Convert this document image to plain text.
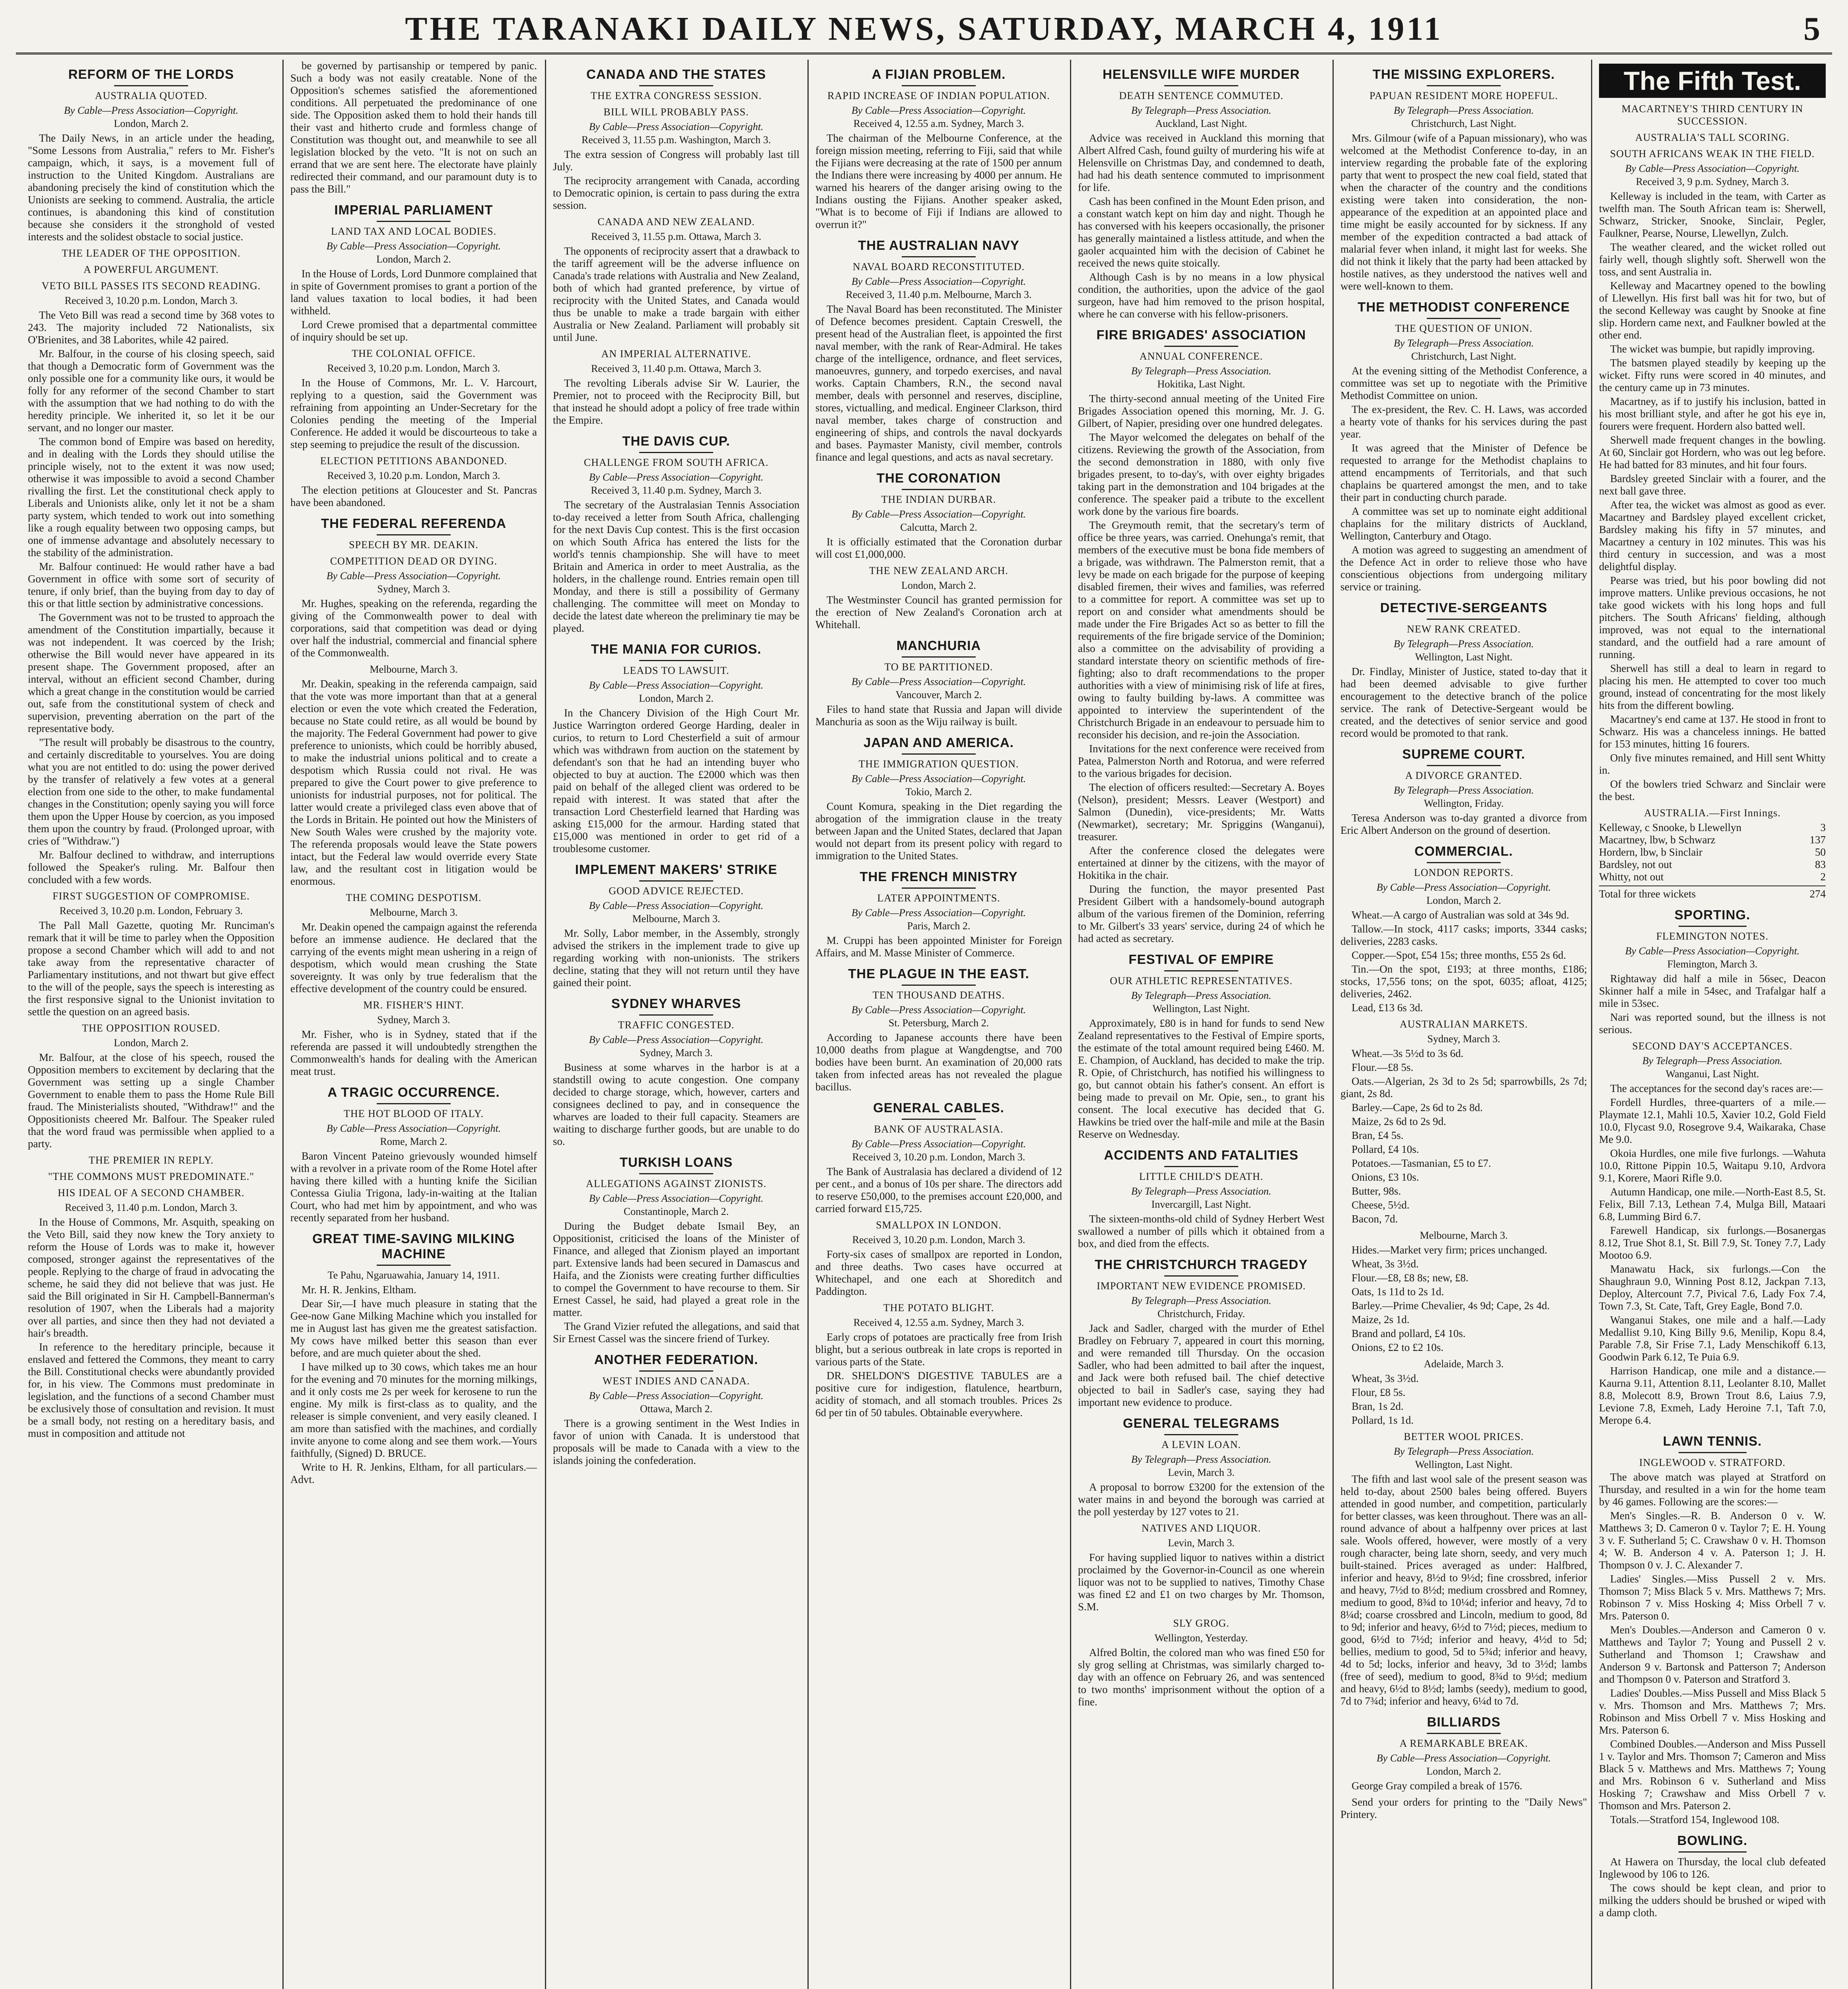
THE TARANAKI DAILY NEWS, SATURDAY, MARCH 4, 1911	5
REFORM OF THE LORDS
AUSTRALIA QUOTED.
By Cable—Press Association—Copyright.
London, March 2.
The Daily News, in an article under the heading, "Some Lessons from Australia," refers to Mr. Fisher's campaign, which, it says, is a movement full of instruction to the United Kingdom. Australians are abandoning precisely the kind of constitution which the Unionists are seeking to commend. Australia, the article continues, is abandoning this kind of constitution because she considers it the stronghold of vested interests and the solidest obstacle to social justice.
THE LEADER OF THE OPPOSITION.
A POWERFUL ARGUMENT.
VETO BILL PASSES ITS SECOND READING.
Received 3, 10.20 p.m. London, March 3.
The Veto Bill was read a second time by 368 votes to 243. The majority included 72 Nationalists, six O'Brienites, and 38 Laborites, while 42 paired.
Mr. Balfour, in the course of his closing speech, said that though a Democratic form of Government was the only possible one for a community like ours, it would be folly for any reformer of the second Chamber to start with the assumption that we had nothing to do with the heredity principle. We inherited it, so let it be our servant, and no longer our master.
The common bond of Empire was based on heredity, and in dealing with the Lords they should utilise the principle wisely, not to the extent it was now used; otherwise it was impossible to avoid a second Chamber rivalling the first. Let the constitutional check apply to Liberals and Unionists alike, only let it not be a sham party system, which tended to work out into something like a rough equality between two opposing camps, but one of immense advantage and absolutely necessary to the stability of the administration.
Mr. Balfour continued: He would rather have a bad Government in office with some sort of security of tenure, if only brief, than the buying from day to day of this or that little section by administrative concessions.
The Government was not to be trusted to approach the amendment of the Constitution impartially, because it was not independent. It was coerced by the Irish; otherwise the Bill would never have appeared in its present shape. The Government proposed, after an interval, without an efficient second Chamber, during which a great change in the constitution would be carried out, safe from the constitutional system of check and supervision, preventing aberration on the part of the representative body.
"The result will probably be disastrous to the country, and certainly discreditable to yourselves. You are doing what you are not entitled to do: using the power derived by the transfer of relatively a few votes at a general election from one side to the other, to make fundamental changes in the Constitution; openly saying you will force them upon the Upper House by coercion, as you imposed them upon the country by fraud. (Prolonged uproar, with cries of "Withdraw.")
Mr. Balfour declined to withdraw, and interruptions followed the Speaker's ruling. Mr. Balfour then concluded with a few words.
FIRST SUGGESTION OF COMPROMISE.
Received 3, 10.20 p.m. London, February 3.
The Pall Mall Gazette, quoting Mr. Runciman's remark that it will be time to parley when the Opposition propose a second Chamber which will add to and not take away from the representative character of Parliamentary institutions, and not thwart but give effect to the will of the people, says the speech is interesting as the first responsive signal to the Unionist invitation to settle the question on an agreed basis.
THE OPPOSITION ROUSED.
London, March 2.
Mr. Balfour, at the close of his speech, roused the Opposition members to excitement by declaring that the Government was setting up a single Chamber Government to enable them to pass the Home Rule Bill fraud. The Ministerialists shouted, "Withdraw!" and the Oppositionists cheered Mr. Balfour. The Speaker ruled that the word fraud was permissible when applied to a party.
THE PREMIER IN REPLY.
"THE COMMONS MUST PREDOMINATE."
HIS IDEAL OF A SECOND CHAMBER.
Received 3, 11.40 p.m. London, March 3.
In the House of Commons, Mr. Asquith, speaking on the Veto Bill, said they now knew the Tory anxiety to reform the House of Lords was to make it, however composed, stronger against the representatives of the people. Replying to the charge of fraud in advocating the scheme, he said they did not believe that was just. He said the Bill originated in Sir H. Campbell-Bannerman's resolution of 1907, when the Liberals had a majority over all parties, and since then they had not deviated a hair's breadth.
In reference to the hereditary principle, because it enslaved and fettered the Commons, they meant to carry the Bill. Constitutional checks were abundantly provided for, in his view. The Commons must predominate in legislation, and the functions of a second Chamber must be exclusively those of consultation and revision. It must be a small body, not resting on a hereditary basis, and must in composition and attitude not
be governed by partisanship or tempered by panic. Such a body was not easily creatable. None of the Opposition's schemes satisfied the aforementioned conditions. All perpetuated the predominance of one side. The Opposition asked them to hold their hands till their vast and hitherto crude and formless change of Constitution was thought out, and meanwhile to see all legislation blocked by the veto. "It is not on such an errand that we are sent here. The electorate have plainly redirected their command, and our paramount duty is to pass the Bill."
IMPERIAL PARLIAMENT
LAND TAX AND LOCAL BODIES.
By Cable—Press Association—Copyright.
London, March 2.
In the House of Lords, Lord Dunmore complained that in spite of Government promises to grant a portion of the land values taxation to local bodies, it had been withheld.
Lord Crewe promised that a departmental committee of inquiry should be set up.
THE COLONIAL OFFICE.
Received 3, 10.20 p.m. London, March 3.
In the House of Commons, Mr. L. V. Harcourt, replying to a question, said the Government was refraining from appointing an Under-Secretary for the Colonies pending the meeting of the Imperial Conference. He added it would be discourteous to take a step seeming to prejudice the result of the discussion.
ELECTION PETITIONS ABANDONED.
Received 3, 10.20 p.m. London, March 3.
The election petitions at Gloucester and St. Pancras have been abandoned.
THE FEDERAL REFERENDA
SPEECH BY MR. DEAKIN.
COMPETITION DEAD OR DYING.
By Cable—Press Association—Copyright.
Sydney, March 3.
Mr. Hughes, speaking on the referenda, regarding the giving of the Commonwealth power to deal with corporations, said that competition was dead or dying over half the industrial, commercial and financial sphere of the Commonwealth.
Melbourne, March 3.
Mr. Deakin, speaking in the referenda campaign, said that the vote was more important than that at a general election or even the vote which created the Federation, because no State could retire, as all would be bound by the majority. The Federal Government had power to give preference to unionists, which could be horribly abused, to make the industrial unions political and to create a despotism which Russia could not rival. He was prepared to give the Court power to give preference to unionists for industrial purposes, not for political. The latter would create a privileged class even above that of the Lords in Britain. He pointed out how the Ministers of New South Wales were crushed by the majority vote. The referenda proposals would leave the State powers intact, but the Federal law would override every State law, and the resultant cost in litigation would be enormous.
THE COMING DESPOTISM.
Melbourne, March 3.
Mr. Deakin opened the campaign against the referenda before an immense audience. He declared that the carrying of the events might mean ushering in a reign of despotism, which would mean crushing the State sovereignty. It was only by true federalism that the effective development of the country could be ensured.
MR. FISHER'S HINT.
Sydney, March 3.
Mr. Fisher, who is in Sydney, stated that if the referenda are passed it will undoubtedly strengthen the Commonwealth's hands for dealing with the American meat trust.
A TRAGIC OCCURRENCE.
THE HOT BLOOD OF ITALY.
By Cable—Press Association—Copyright.
Rome, March 2.
Baron Vincent Pateino grievously wounded himself with a revolver in a private room of the Rome Hotel after having there killed with a hunting knife the Sicilian Contessa Giulia Trigona, lady-in-waiting at the Italian Court, who had met him by appointment, and who was recently separated from her husband.
GREAT TIME-SAVING MILKING MACHINE
Te Pahu, Ngaruawahia, January 14, 1911.
Mr. H. R. Jenkins, Eltham.
Dear Sir,—I have much pleasure in stating that the Gee-now Gane Milking Machine which you installed for me in August last has given me the greatest satisfaction. My cows have milked better this season than ever before, and are much quieter about the shed.
I have milked up to 30 cows, which takes me an hour for the evening and 70 minutes for the morning milkings, and it only costs me 2s per week for kerosene to run the engine. My milk is first-class as to quality, and the releaser is simple convenient, and very easily cleaned. I am more than satisfied with the machines, and cordially invite anyone to come along and see them work.—Yours faithfully, (Signed) D. BRUCE.
Write to H. R. Jenkins, Eltham, for all particulars.—Advt.
CANADA AND THE STATES
THE EXTRA CONGRESS SESSION.
BILL WILL PROBABLY PASS.
By Cable—Press Association—Copyright.
Received 3, 11.55 p.m. Washington, March 3.
The extra session of Congress will probably last till July.
The reciprocity arrangement with Canada, according to Democratic opinion, is certain to pass during the extra session.
CANADA AND NEW ZEALAND.
Received 3, 11.55 p.m. Ottawa, March 3.
The opponents of reciprocity assert that a drawback to the tariff agreement will be the adverse influence on Canada's trade relations with Australia and New Zealand, both of which had granted preference, by virtue of reciprocity with the United States, and Canada would thus be unable to make a trade bargain with either Australia or New Zealand. Parliament will probably sit until June.
AN IMPERIAL ALTERNATIVE.
Received 3, 11.40 p.m. Ottawa, March 3.
The revolting Liberals advise Sir W. Laurier, the Premier, not to proceed with the Reciprocity Bill, but that instead he should adopt a policy of free trade within the Empire.
THE DAVIS CUP.
CHALLENGE FROM SOUTH AFRICA.
By Cable—Press Association—Copyright.
Received 3, 11.40 p.m. Sydney, March 3.
The secretary of the Australasian Tennis Association to-day received a letter from South Africa, challenging for the next Davis Cup contest. This is the first occasion on which South Africa has entered the lists for the world's tennis championship. She will have to meet Britain and America in order to meet Australia, as the holders, in the challenge round. Entries remain open till Monday, and there is still a possibility of Germany challenging. The committee will meet on Monday to decide the latest date whereon the preliminary tie may be played.
THE MANIA FOR CURIOS.
LEADS TO LAWSUIT.
By Cable—Press Association—Copyright.
London, March 2.
In the Chancery Division of the High Court Mr. Justice Warrington ordered George Harding, dealer in curios, to return to Lord Chesterfield a suit of armour which was withdrawn from auction on the statement by defendant's son that he had an intending buyer who objected to buy at auction. The £2000 which was then paid on behalf of the alleged client was ordered to be repaid with interest. It was stated that after the transaction Lord Chesterfield learned that Harding was asking £15,000 for the armour. Harding stated that £15,000 was mentioned in order to get rid of a troublesome customer.
IMPLEMENT MAKERS' STRIKE
GOOD ADVICE REJECTED.
By Cable—Press Association—Copyright.
Melbourne, March 3.
Mr. Solly, Labor member, in the Assembly, strongly advised the strikers in the implement trade to give up regarding working with non-unionists. The strikers decline, stating that they will not return until they have gained their point.
SYDNEY WHARVES
TRAFFIC CONGESTED.
By Cable—Press Association—Copyright.
Sydney, March 3.
Business at some wharves in the harbor is at a standstill owing to acute congestion. One company decided to charge storage, which, however, carters and consignees declined to pay, and in consequence the wharves are loaded to their full capacity. Steamers are waiting to discharge further goods, but are unable to do so.
TURKISH LOANS
ALLEGATIONS AGAINST ZIONISTS.
By Cable—Press Association—Copyright.
Constantinople, March 2.
During the Budget debate Ismail Bey, an Oppositionist, criticised the loans of the Minister of Finance, and alleged that Zionism played an important part. Extensive lands had been secured in Damascus and Haifa, and the Zionists were creating further difficulties to compel the Government to have recourse to them. Sir Ernest Cassel, he said, had played a great role in the matter.
The Grand Vizier refuted the allegations, and said that Sir Ernest Cassel was the sincere friend of Turkey.
ANOTHER FEDERATION.
WEST INDIES AND CANADA.
By Cable—Press Association—Copyright.
Ottawa, March 2.
There is a growing sentiment in the West Indies in favor of union with Canada. It is understood that proposals will be made to Canada with a view to the islands joining the confederation.
A FIJIAN PROBLEM.
RAPID INCREASE OF INDIAN POPULATION.
By Cable—Press Association—Copyright.
Received 4, 12.55 a.m. Sydney, March 3.
The chairman of the Melbourne Conference, at the foreign mission meeting, referring to Fiji, said that while the Fijians were decreasing at the rate of 1500 per annum the Indians there were increasing by 4000 per annum. He warned his hearers of the danger arising owing to the Indians ousting the Fijians. Another speaker asked, "What is to become of Fiji if Indians are allowed to overrun it?"
THE AUSTRALIAN NAVY
NAVAL BOARD RECONSTITUTED.
By Cable—Press Association—Copyright.
Received 3, 11.40 p.m. Melbourne, March 3.
The Naval Board has been reconstituted. The Minister of Defence becomes president. Captain Creswell, the present head of the Australian fleet, is appointed the first naval member, with the rank of Rear-Admiral. He takes charge of the intelligence, ordnance, and fleet services, manoeuvres, gunnery, and torpedo exercises, and naval works. Captain Chambers, R.N., the second naval member, deals with personnel and reserves, discipline, stores, victualling, and medical. Engineer Clarkson, third naval member, takes charge of construction and engineering of ships, and controls the naval dockyards and bases. Paymaster Manisty, civil member, controls finance and legal questions, and acts as naval secretary.
THE CORONATION
THE INDIAN DURBAR.
By Cable—Press Association—Copyright.
Calcutta, March 2.
It is officially estimated that the Coronation durbar will cost £1,000,000.
THE NEW ZEALAND ARCH.
London, March 2.
The Westminster Council has granted permission for the erection of New Zealand's Coronation arch at Whitehall.
MANCHURIA
TO BE PARTITIONED.
By Cable—Press Association—Copyright.
Vancouver, March 2.
Files to hand state that Russia and Japan will divide Manchuria as soon as the Wiju railway is built.
JAPAN AND AMERICA.
THE IMMIGRATION QUESTION.
By Cable—Press Association—Copyright.
Tokio, March 2.
Count Komura, speaking in the Diet regarding the abrogation of the immigration clause in the treaty between Japan and the United States, declared that Japan would not depart from its present policy with regard to immigration to the United States.
THE FRENCH MINISTRY
LATER APPOINTMENTS.
By Cable—Press Association—Copyright.
Paris, March 2.
M. Cruppi has been appointed Minister for Foreign Affairs, and M. Masse Minister of Commerce.
THE PLAGUE IN THE EAST.
TEN THOUSAND DEATHS.
By Cable—Press Association—Copyright.
St. Petersburg, March 2.
According to Japanese accounts there have been 10,000 deaths from plague at Wangdengtse, and 700 bodies have been burnt. An examination of 20,000 rats taken from infected areas has not revealed the plague bacillus.
GENERAL CABLES.
BANK OF AUSTRALASIA.
By Cable—Press Association—Copyright.
Received 3, 10.20 p.m. London, March 3.
The Bank of Australasia has declared a dividend of 12 per cent., and a bonus of 10s per share. The directors add to reserve £50,000, to the premises account £20,000, and carried forward £15,725.
SMALLPOX IN LONDON.
Received 3, 10.20 p.m. London, March 3.
Forty-six cases of smallpox are reported in London, and three deaths. Two cases have occurred at Whitechapel, and one each at Shoreditch and Paddington.
THE POTATO BLIGHT.
Received 4, 12.55 a.m. Sydney, March 3.
Early crops of potatoes are practically free from Irish blight, but a serious outbreak in late crops is reported in various parts of the State.
DR. SHELDON'S DIGESTIVE TABULES are a positive cure for indigestion, flatulence, heartburn, acidity of stomach, and all stomach troubles. Prices 2s 6d per tin of 50 tabules. Obtainable everywhere.
HELENSVILLE WIFE MURDER
DEATH SENTENCE COMMUTED.
By Telegraph—Press Association.
Auckland, Last Night.
Advice was received in Auckland this morning that Albert Alfred Cash, found guilty of murdering his wife at Helensville on Christmas Day, and condemned to death, had had his death sentence commuted to imprisonment for life.
Cash has been confined in the Mount Eden prison, and a constant watch kept on him day and night. Though he has conversed with his keepers occasionally, the prisoner has generally maintained a listless attitude, and when the gaoler acquainted him with the decision of Cabinet he received the news quite stoically.
Although Cash is by no means in a low physical condition, the authorities, upon the advice of the gaol surgeon, have had him removed to the prison hospital, where he can converse with his fellow-prisoners.
FIRE BRIGADES' ASSOCIATION
ANNUAL CONFERENCE.
By Telegraph—Press Association.
Hokitika, Last Night.
The thirty-second annual meeting of the United Fire Brigades Association opened this morning, Mr. J. G. Gilbert, of Napier, presiding over one hundred delegates.
The Mayor welcomed the delegates on behalf of the citizens. Reviewing the growth of the Association, from the second demonstration in 1880, with only five brigades present, to to-day's, with over eighty brigades taking part in the demonstration and 104 brigades at the conference. The speaker paid a tribute to the excellent work done by the various fire boards.
The Greymouth remit, that the secretary's term of office be three years, was carried. Onehunga's remit, that members of the executive must be bona fide members of a brigade, was withdrawn. The Palmerston remit, that a levy be made on each brigade for the purpose of keeping disabled firemen, their wives and families, was referred to a committee for report. A committee was set up to report on and consider what amendments should be made under the Fire Brigades Act so as better to fill the requirements of the fire brigade service of the Dominion; also a committee on the advisability of providing a standard interstate theory on scientific methods of fire-fighting; also to draft recommendations to the proper authorities with a view of minimising risk of life at fires, owing to faulty building by-laws. A committee was appointed to interview the superintendent of the Christchurch Brigade in an endeavour to persuade him to reconsider his decision, and re-join the Association.
Invitations for the next conference were received from Patea, Palmerston North and Rotorua, and were referred to the various brigades for decision.
The election of officers resulted:—Secretary A. Boyes (Nelson), president; Messrs. Leaver (Westport) and Salmon (Dunedin), vice-presidents; Mr. Watts (Newmarket), secretary; Mr. Spriggins (Wanganui), treasurer.
After the conference closed the delegates were entertained at dinner by the citizens, with the mayor of Hokitika in the chair.
During the function, the mayor presented Past President Gilbert with a handsomely-bound autograph album of the various firemen of the Dominion, referring to Mr. Gilbert's 33 years' service, during 24 of which he had acted as secretary.
FESTIVAL OF EMPIRE
OUR ATHLETIC REPRESENTATIVES.
By Telegraph—Press Association.
Wellington, Last Night.
Approximately, £80 is in hand for funds to send New Zealand representatives to the Festival of Empire sports, the estimate of the total amount required being £460. M. E. Champion, of Auckland, has decided to make the trip. R. Opie, of Christchurch, has notified his willingness to go, but cannot obtain his father's consent. An effort is being made to prevail on Mr. Opie, sen., to grant his consent. The local executive has decided that G. Hawkins be tried over the half-mile and mile at the Basin Reserve on Wednesday.
ACCIDENTS AND FATALITIES
LITTLE CHILD'S DEATH.
By Telegraph—Press Association.
Invercargill, Last Night.
The sixteen-months-old child of Sydney Herbert West swallowed a number of pills which it obtained from a box, and died from the effects.
THE CHRISTCHURCH TRAGEDY
IMPORTANT NEW EVIDENCE PROMISED.
By Telegraph—Press Association.
Christchurch, Friday.
Jack and Sadler, charged with the murder of Ethel Bradley on February 7, appeared in court this morning, and were remanded till Thursday. On the occasion Sadler, who had been admitted to bail after the inquest, and Jack were both refused bail. The chief detective objected to bail in Sadler's case, saying they had important new evidence to produce.
GENERAL TELEGRAMS
A LEVIN LOAN.
By Telegraph—Press Association.
Levin, March 3.
A proposal to borrow £3200 for the extension of the water mains in and beyond the borough was carried at the poll yesterday by 127 votes to 21.
NATIVES AND LIQUOR.
Levin, March 3.
For having supplied liquor to natives within a district proclaimed by the Governor-in-Council as one wherein liquor was not to be supplied to natives, Timothy Chase was fined £2 and £1 on two charges by Mr. Thomson, S.M.
SLY GROG.
Wellington, Yesterday.
Alfred Boltin, the colored man who was fined £50 for sly grog selling at Christmas, was similarly charged to-day with an offence on February 26, and was sentenced to two months' imprisonment without the option of a fine.
THE MISSING EXPLORERS.
PAPUAN RESIDENT MORE HOPEFUL.
By Telegraph—Press Association.
Christchurch, Last Night.
Mrs. Gilmour (wife of a Papuan missionary), who was welcomed at the Methodist Conference to-day, in an interview regarding the probable fate of the exploring party that went to prospect the new coal field, stated that when the character of the country and the conditions existing were taken into consideration, the non-appearance of the expedition at an appointed place and time might be easily accounted for by sickness. If any member of the expedition contracted a bad attack of malarial fever when inland, it might last for weeks. She did not think it likely that the party had been attacked by hostile natives, as they understood the natives well and were well-known to them.
THE METHODIST CONFERENCE
THE QUESTION OF UNION.
By Telegraph—Press Association.
Christchurch, Last Night.
At the evening sitting of the Methodist Conference, a committee was set up to negotiate with the Primitive Methodist Committee on union.
The ex-president, the Rev. C. H. Laws, was accorded a hearty vote of thanks for his services during the past year.
It was agreed that the Minister of Defence be requested to arrange for the Methodist chaplains to attend encampments of Territorials, and that such chaplains be quartered amongst the men, and to take their part in conducting church parade.
A committee was set up to nominate eight additional chaplains for the military districts of Auckland, Wellington, Canterbury and Otago.
A motion was agreed to suggesting an amendment of the Defence Act in order to relieve those who have conscientious objections from undergoing military service or training.
DETECTIVE-SERGEANTS
NEW RANK CREATED.
By Telegraph—Press Association.
Wellington, Last Night.
Dr. Findlay, Minister of Justice, stated to-day that it had been deemed advisable to give further encouragement to the detective branch of the police service. The rank of Detective-Sergeant would be created, and the detectives of senior service and good record would be promoted to that rank.
SUPREME COURT.
A DIVORCE GRANTED.
By Telegraph—Press Association.
Wellington, Friday.
Teresa Anderson was to-day granted a divorce from Eric Albert Anderson on the ground of desertion.
COMMERCIAL.
LONDON REPORTS.
By Cable—Press Association—Copyright.
London, March 2.
Wheat.—A cargo of Australian was sold at 34s 9d.
Tallow.—In stock, 4117 casks; imports, 3344 casks; deliveries, 2283 casks.
Copper.—Spot, £54 15s; three months, £55 2s 6d.
Tin.—On the spot, £193; at three months, £186; stocks, 17,556 tons; on the spot, 6035; afloat, 4125; deliveries, 2462.
Lead, £13 6s 3d.
AUSTRALIAN MARKETS.
Sydney, March 3.
Wheat.—3s 5½d to 3s 6d.
Flour.—£8 5s.
Oats.—Algerian, 2s 3d to 2s 5d; sparrowbills, 2s 7d; giant, 2s 8d.
Barley.—Cape, 2s 6d to 2s 8d.
Maize, 2s 6d to 2s 9d.
Bran, £4 5s.
Pollard, £4 10s.
Potatoes.—Tasmanian, £5 to £7.
Onions, £3 10s.
Butter, 98s.
Cheese, 5½d.
Bacon, 7d.
Melbourne, March 3.
Hides.—Market very firm; prices unchanged.
Wheat, 3s 3½d.
Flour.—£8, £8 8s; new, £8.
Oats, 1s 11d to 2s 1d.
Barley.—Prime Chevalier, 4s 9d; Cape, 2s 4d.
Maize, 2s 1d.
Brand and pollard, £4 10s.
Onions, £2 to £2 10s.
Adelaide, March 3.
Wheat, 3s 3½d.
Flour, £8 5s.
Bran, 1s 2d.
Pollard, 1s 1d.
BETTER WOOL PRICES.
By Telegraph—Press Association.
Wellington, Last Night.
The fifth and last wool sale of the present season was held to-day, about 2500 bales being offered. Buyers attended in good number, and competition, particularly for better classes, was keen throughout. There was an all-round advance of about a halfpenny over prices at last sale. Wools offered, however, were mostly of a very rough character, being late shorn, seedy, and very much built-stained. Prices averaged as under: Halfbred, inferior and heavy, 8½d to 9½d; fine crossbred, inferior and heavy, 7½d to 8½d; medium crossbred and Romney, medium to good, 8¾d to 10¼d; inferior and heavy, 7d to 8¼d; coarse crossbred and Lincoln, medium to good, 8d to 9d; inferior and heavy, 6½d to 7½d; pieces, medium to good, 6½d to 7½d; inferior and heavy, 4½d to 5d; bellies, medium to good, 5d to 5¾d; inferior and heavy, 4d to 5d; locks, inferior and heavy, 3d to 3½d; lambs (free of seed), medium to good, 8¾d to 9½d; medium and heavy, 6½d to 8½d; lambs (seedy), medium to good, 7d to 7¾d; inferior and heavy, 6¼d to 7d.
BILLIARDS
A REMARKABLE BREAK.
By Cable—Press Association—Copyright.
London, March 2.
George Gray compiled a break of 1576.
Send your orders for printing to the "Daily News" Printery.
The Fifth Test.
MACARTNEY'S THIRD CENTURY IN SUCCESSION.
AUSTRALIA'S TALL SCORING.
SOUTH AFRICANS WEAK IN THE FIELD.
By Cable—Press Association—Copyright.
Received 3, 9 p.m. Sydney, March 3.
Kelleway is included in the team, with Carter as twelfth man. The South African team is: Sherwell, Schwarz, Stricker, Snooke, Sinclair, Pegler, Faulkner, Pearse, Nourse, Llewellyn, Zulch.
The weather cleared, and the wicket rolled out fairly well, though slightly soft. Sherwell won the toss, and sent Australia in.
Kelleway and Macartney opened to the bowling of Llewellyn. His first ball was hit for two, but of the second Kelleway was caught by Snooke at fine slip. Hordern came next, and Faulkner bowled at the other end.
The wicket was bumpie, but rapidly improving.
The batsmen played steadily by keeping up the wicket. Fifty runs were scored in 40 minutes, and the century came up in 73 minutes.
Macartney, as if to justify his inclusion, batted in his most brilliant style, and after he got his eye in, fourers were frequent. Hordern also batted well.
Sherwell made frequent changes in the bowling. At 60, Sinclair got Hordern, who was out leg before. He had batted for 83 minutes, and hit four fours.
Bardsley greeted Sinclair with a fourer, and the next ball gave three.
After tea, the wicket was almost as good as ever. Macartney and Bardsley played excellent cricket, Bardsley making his fifty in 57 minutes, and Macartney a century in 102 minutes. This was his third century in succession, and was a most delightful display.
Pearse was tried, but his poor bowling did not improve matters. Unlike previous occasions, he not take good wickets with his long hops and full pitchers. The South Africans' fielding, although improved, was not equal to the international standard, and the outfield had a rare amount of running.
Sherwell has still a deal to learn in regard to placing his men. He attempted to cover too much ground, instead of concentrating for the most likely hits from the different bowling.
Macartney's end came at 137. He stood in front to Schwarz. His was a chanceless innings. He batted for 153 minutes, hitting 16 fourers.
Only five minutes remained, and Hill sent Whitty in.
Of the bowlers tried Schwarz and Sinclair were the best.
AUSTRALIA.—First Innings.
Kelleway, c Snooke, b Llewellyn	3
Macartney, lbw, b Schwarz	137
Hordern, lbw, b Sinclair	50
Bardsley, not out	83
Whitty, not out	2
Total for three wickets	274
SPORTING.
FLEMINGTON NOTES.
By Cable—Press Association—Copyright.
Flemington, March 3.
Rightaway did half a mile in 56sec, Deacon Skinner half a mile in 54sec, and Trafalgar half a mile in 53sec.
Nari was reported sound, but the illness is not serious.
SECOND DAY'S ACCEPTANCES.
By Telegraph—Press Association.
Wanganui, Last Night.
The acceptances for the second day's races are:—
Fordell Hurdles, three-quarters of a mile.—Playmate 12.1, Mahli 10.5, Xavier 10.2, Gold Field 10.0, Flycast 9.0, Rosegrove 9.4, Waikaraka, Chase Me 9.0.
Okoia Hurdles, one mile five furlongs. —Wahuta 10.0, Rittone Pippin 10.5, Waitapu 9.10, Ardvora 9.1, Korere, Maori Rifle 9.0.
Autumn Handicap, one mile.—North-East 8.5, St. Felix, Bill 7.13, Lethean 7.4, Mulga Bill, Mataari 6.8, Lumming Bird 6.7.
Farewell Handicap, six furlongs.—Bosanergas 8.12, True Shot 8.1, St. Bill 7.9, St. Toney 7.7, Lady Mootoo 6.9.
Manawatu Hack, six furlongs.—Con the Shaughraun 9.0, Winning Post 8.12, Jackpan 7.13, Deploy, Altercount 7.7, Pivical 7.6, Lady Fox 7.4, Town 7.3, St. Cate, Taft, Grey Eagle, Bond 7.0.
Wanganui Stakes, one mile and a half.—Lady Medallist 9.10, King Billy 9.6, Menilip, Kopu 8.4, Parable 7.8, Sir Frise 7.1, Lady Menschikoff 6.13, Goodwin Park 6.12, Te Puia 6.9.
Harrison Handicap, one mile and a distance.—Kaurna 9.11, Attention 8.11, Leolanter 8.10, Mallet 8.8, Molecott 8.9, Brown Trout 8.6, Laius 7.9, Levione 7.8, Exmeh, Lady Heroine 7.1, Taft 7.0, Merope 6.4.
LAWN TENNIS.
INGLEWOOD v. STRATFORD.
The above match was played at Stratford on Thursday, and resulted in a win for the home team by 46 games. Following are the scores:—
Men's Singles.—R. B. Anderson 0 v. W. Matthews 3; D. Cameron 0 v. Taylor 7; E. H. Young 3 v. F. Sutherland 5; C. Crawshaw 0 v. H. Thomson 4; W. B. Anderson 4 v. A. Paterson 1; J. H. Thompson 0 v. J. C. Alexander 7.
Ladies' Singles.—Miss Pussell 2 v. Mrs. Thomson 7; Miss Black 5 v. Mrs. Matthews 7; Mrs. Robinson 7 v. Miss Hosking 4; Miss Orbell 7 v. Mrs. Paterson 0.
Men's Doubles.—Anderson and Cameron 0 v. Matthews and Taylor 7; Young and Pussell 2 v. Sutherland and Thomson 1; Crawshaw and Anderson 9 v. Bartonsk and Patterson 7; Anderson and Thompson 0 v. Paterson and Stratford 3.
Ladies' Doubles.—Miss Pussell and Miss Black 5 v. Mrs. Thomson and Mrs. Matthews 7; Mrs. Robinson and Miss Orbell 7 v. Miss Hosking and Mrs. Paterson 6.
Combined Doubles.—Anderson and Miss Pussell 1 v. Taylor and Mrs. Thomson 7; Cameron and Miss Black 5 v. Matthews and Mrs. Matthews 7; Young and Mrs. Robinson 6 v. Sutherland and Miss Hosking 7; Crawshaw and Miss Orbell 7 v. Thomson and Mrs. Paterson 2.
Totals.—Stratford 154, Inglewood 108.
BOWLING.
At Hawera on Thursday, the local club defeated Inglewood by 106 to 126.
The cows should be kept clean, and prior to milking the udders should be brushed or wiped with a damp cloth.
